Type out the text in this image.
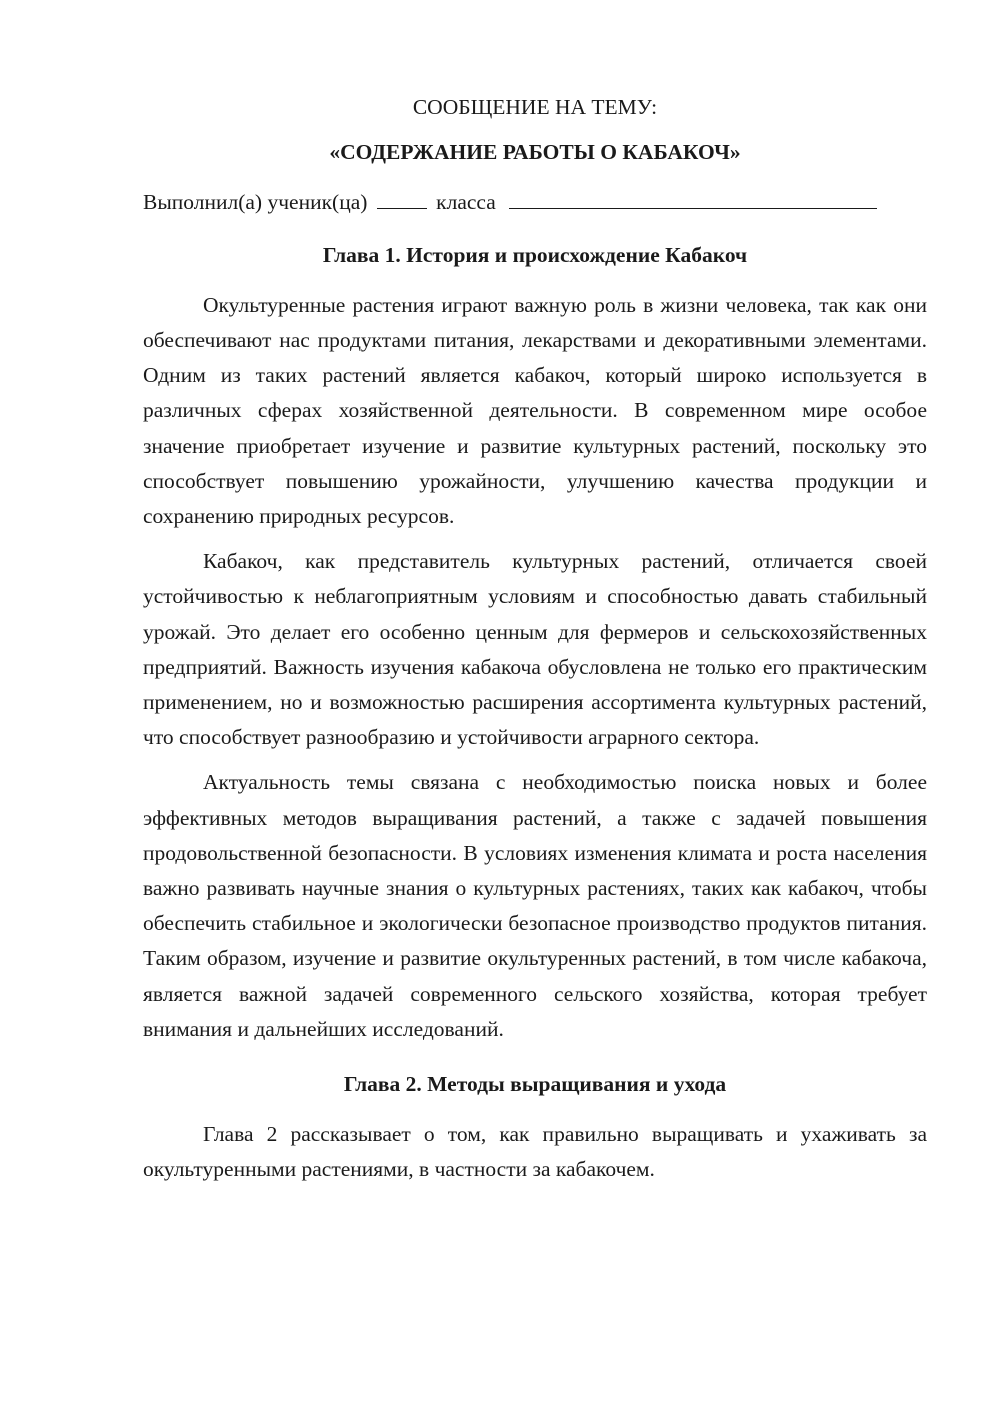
СООБЩЕНИЕ НА ТЕМУ:

«СОДЕРЖАНИЕ РАБОТЫ О КАБАКОЧ»

Выполнил(а) ученик(ца)	класса

Глава 1. История и происхождение Кабакоч

Окультуренные растения играют важную роль в жизни человека, так как они обеспечивают нас продуктами питания, лекарствами и декоративными элементами. Одним из таких растений является кабакоч, который широко используется в различных сферах хозяйственной деятельности. В современном мире особое значение приобретает изучение и развитие культурных растений, поскольку это способствует повышению урожайности, улучшению качества продукции и сохранению природных ресурсов.

Кабакоч, как представитель культурных растений, отличается своей устойчивостью к неблагоприятным условиям и способностью давать стабильный урожай. Это делает его особенно ценным для фермеров и сельскохозяйственных предприятий. Важность изучения кабакоча обусловлена не только его практическим применением, но и возможностью расширения ассортимента культурных растений, что способствует разнообразию и устойчивости аграрного сектора.

Актуальность темы связана с необходимостью поиска новых и более эффективных методов выращивания растений, а также с задачей повышения продовольственной безопасности. В условиях изменения климата и роста населения важно развивать научные знания о культурных растениях, таких как кабакоч, чтобы обеспечить стабильное и экологически безопасное производство продуктов питания. Таким образом, изучение и развитие окультуренных растений, в том числе кабакоча, является важной задачей современного сельского хозяйства, которая требует внимания и дальнейших исследований.

Глава 2. Методы выращивания и ухода

Глава 2 рассказывает о том, как правильно выращивать и ухаживать за окультуренными растениями, в частности за кабакочем.
